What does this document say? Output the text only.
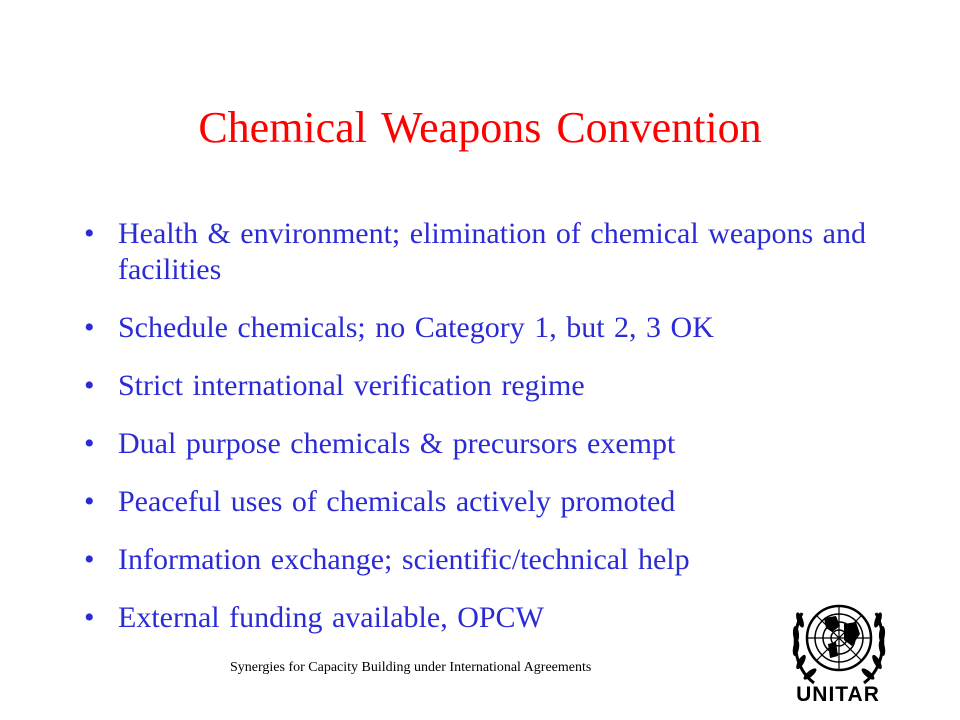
Chemical Weapons Convention
• Health & environment; elimination of chemical weapons and facilities
• Schedule chemicals; no Category 1, but 2, 3 OK
• Strict international verification regime
• Dual purpose chemicals & precursors exempt
• Peaceful uses of chemicals actively promoted
• Information exchange; scientific/technical help
• External funding available, OPCW
Synergies for Capacity Building under International Agreements
UNITAR
